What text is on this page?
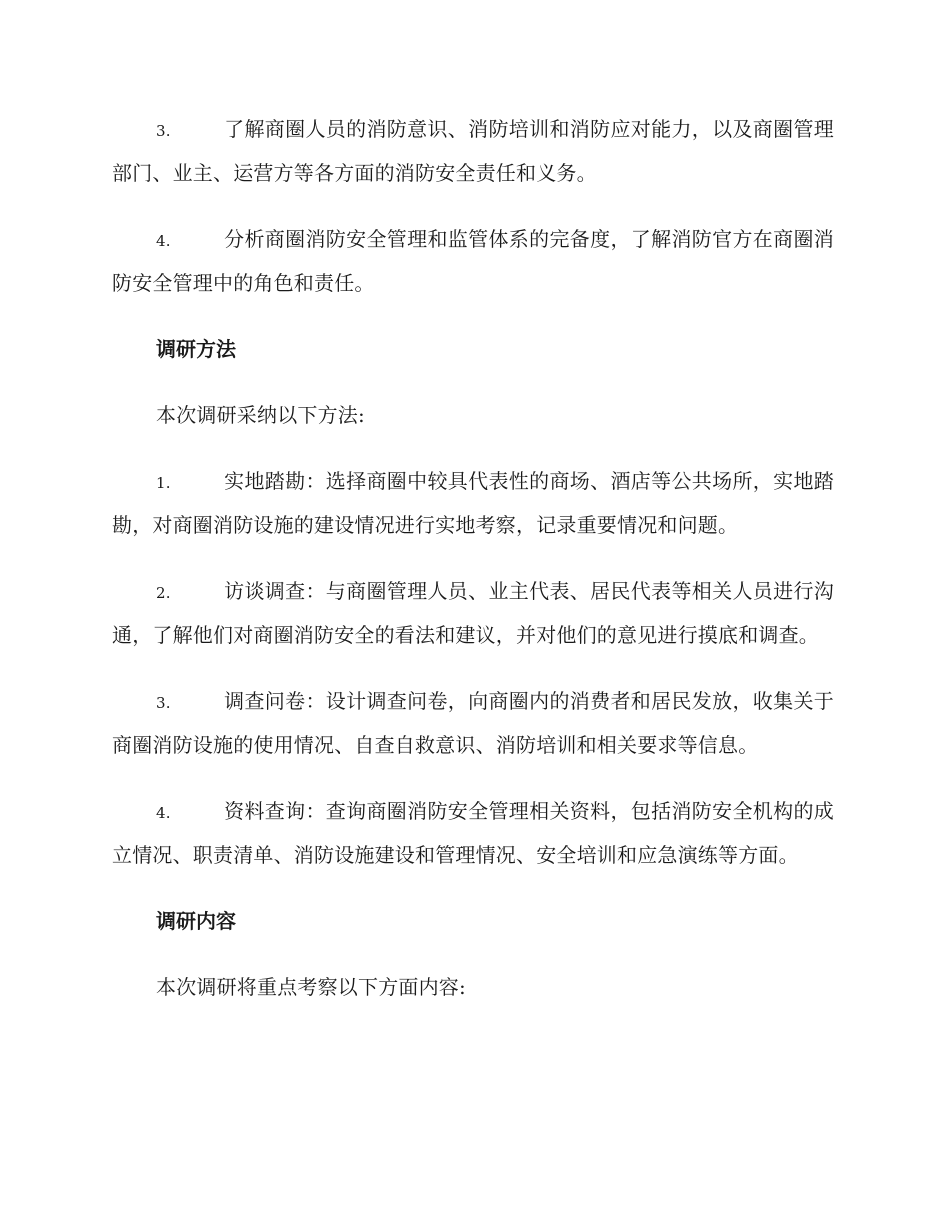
3.	了解商圈人员的消防意识、消防培训和消防应对能力，以及商圈管理部门、业主、运营方等各方面的消防安全责任和义务。

4.	分析商圈消防安全管理和监管体系的完备度，了解消防官方在商圈消防安全管理中的角色和责任。

调研方法

本次调研采纳以下方法:

1.	实地踏勘：选择商圈中较具代表性的商场、酒店等公共场所，实地踏勘，对商圈消防设施的建设情况进行实地考察，记录重要情况和问题。

2.	访谈调查：与商圈管理人员、业主代表、居民代表等相关人员进行沟通，了解他们对商圈消防安全的看法和建议，并对他们的意见进行摸底和调查。

3.	调查问卷：设计调查问卷，向商圈内的消费者和居民发放，收集关于商圈消防设施的使用情况、自查自救意识、消防培训和相关要求等信息。

4.	资料查询：查询商圈消防安全管理相关资料，包括消防安全机构的成立情况、职责清单、消防设施建设和管理情况、安全培训和应急演练等方面。

调研内容

本次调研将重点考察以下方面内容:
